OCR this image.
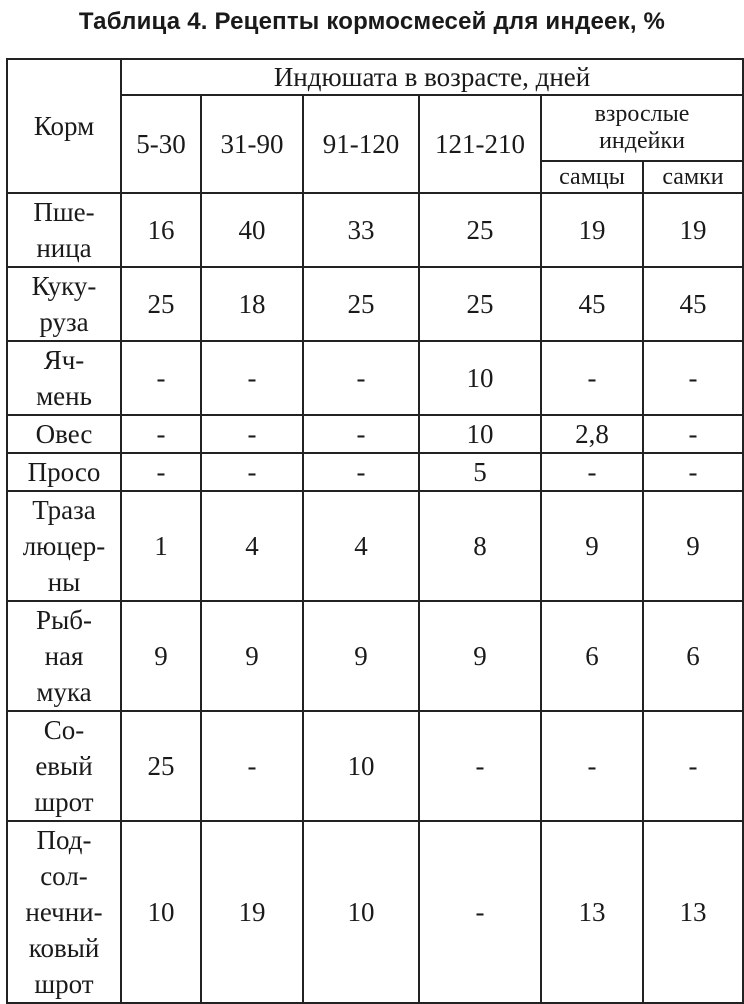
Таблица 4. Рецепты кормосмесей для индеек, %
Корм	Индюшата в возрасте, дней					
	5-30	31-90	91-120	121-210	взрослые
индейки	
					самцы	самки
Пше-
ница	16	40	33	25	19	19
Куку-
руза	25	18	25	25	45	45
Яч-
мень	-	-	-	10	-	-
Овес	-	-	-	10	2,8	-
Просо	-	-	-	5	-	-
Траза
люцер-
ны	1	4	4	8	9	9
Рыб-
ная
мука	9	9	9	9	6	6
Со-
евый
шрот	25	-	10	-	-	-
Под-
сол-
нечни-
ковый
шрот	10	19	10	-	13	13
